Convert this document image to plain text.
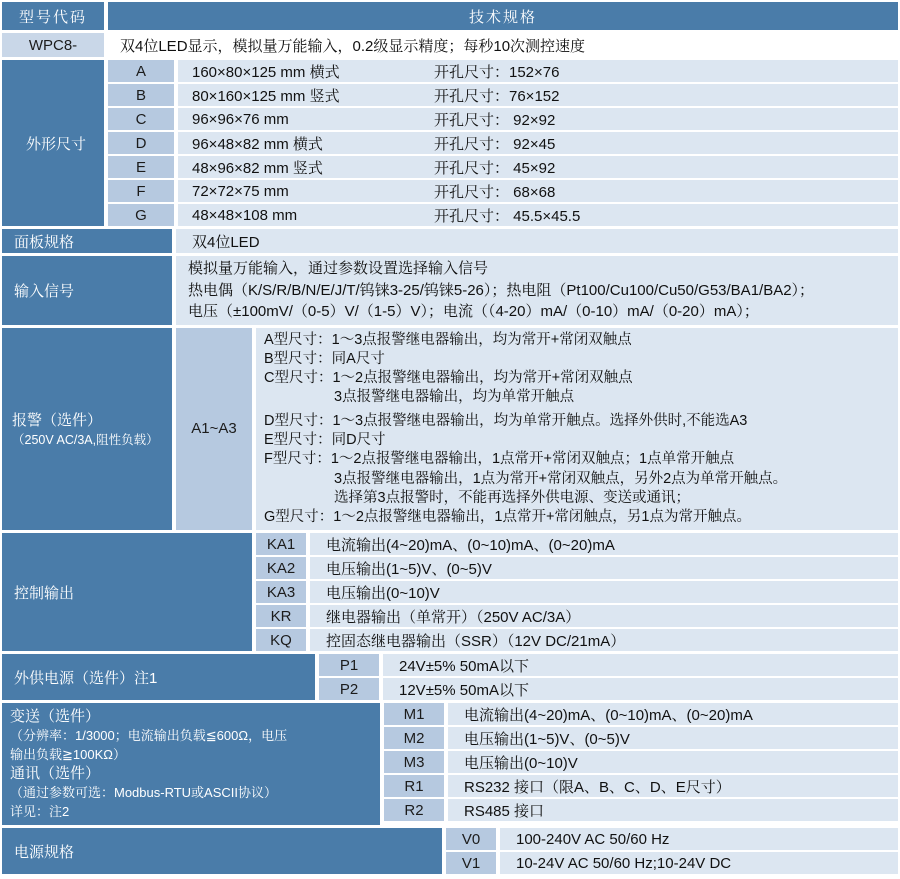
型号代码	技术规格
WPC8-	双4位LED显示，模拟量万能输入，0.2级显示精度；每秒10次测控速度
外形尺寸
A	160×80×125 mm 横式	开孔尺寸：152×76
B	80×160×125 mm 竖式	开孔尺寸：76×152
C	96×96×76 mm	开孔尺寸： 92×92
D	96×48×82 mm 横式	开孔尺寸： 92×45
E	48×96×82 mm 竖式	开孔尺寸： 45×92
F	72×72×75 mm	开孔尺寸： 68×68
G	48×48×108 mm	开孔尺寸： 45.5×45.5
面板规格	双4位LED
输入信号
模拟量万能输入，通过参数设置选择输入信号
热电偶（K/S/R/B/N/E/J/T/钨铼3-25/钨铼5-26）；热电阻（Pt100/Cu100/Cu50/G53/BA1/BA2）；
电压（±100mV/（0-5）V/（1-5）V）；电流（（4-20）mA/（0-10）mA/（0-20）mA）；
报警（选件）
（250V AC/3A,阻性负载）
A1~A3
A型尺寸：1～3点报警继电器输出，均为常开+常闭双触点
B型尺寸：同A尺寸
C型尺寸：1～2点报警继电器输出，均为常开+常闭双触点
3点报警继电器输出，均为单常开触点
D型尺寸：1～3点报警继电器输出，均为单常开触点。选择外供时,不能选A3
E型尺寸：同D尺寸
F型尺寸：1～2点报警继电器输出，1点常开+常闭双触点；1点单常开触点
3点报警继电器输出，1点为常开+常闭双触点，另外2点为单常开触点。
选择第3点报警时，不能再选择外供电源、变送或通讯；
G型尺寸：1～2点报警继电器输出，1点常开+常闭触点，另1点为常开触点。
控制输出
KA1	电流输出(4~20)mA、(0~10)mA、(0~20)mA
KA2	电压输出(1~5)V、(0~5)V
KA3	电压输出(0~10)V
KR	继电器输出（单常开）（250V AC/3A）
KQ	控固态继电器输出（SSR）（12V DC/21mA）
外供电源（选件）注1
P1	24V±5% 50mA以下
P2	12V±5% 50mA以下
变送（选件）
（分辨率：1/3000；电流输出负载≦600Ω，电压
输出负载≧100KΩ）
通讯（选件）
（通过参数可选：Modbus-RTU或ASCII协议）
详见：注2
M1	电流输出(4~20)mA、(0~10)mA、(0~20)mA
M2	电压输出(1~5)V、(0~5)V
M3	电压输出(0~10)V
R1	RS232 接口（限A、B、C、D、E尺寸）
R2	RS485 接口
电源规格
V0	100-240V AC 50/60 Hz
V1	10-24V AC 50/60 Hz;10-24V DC
